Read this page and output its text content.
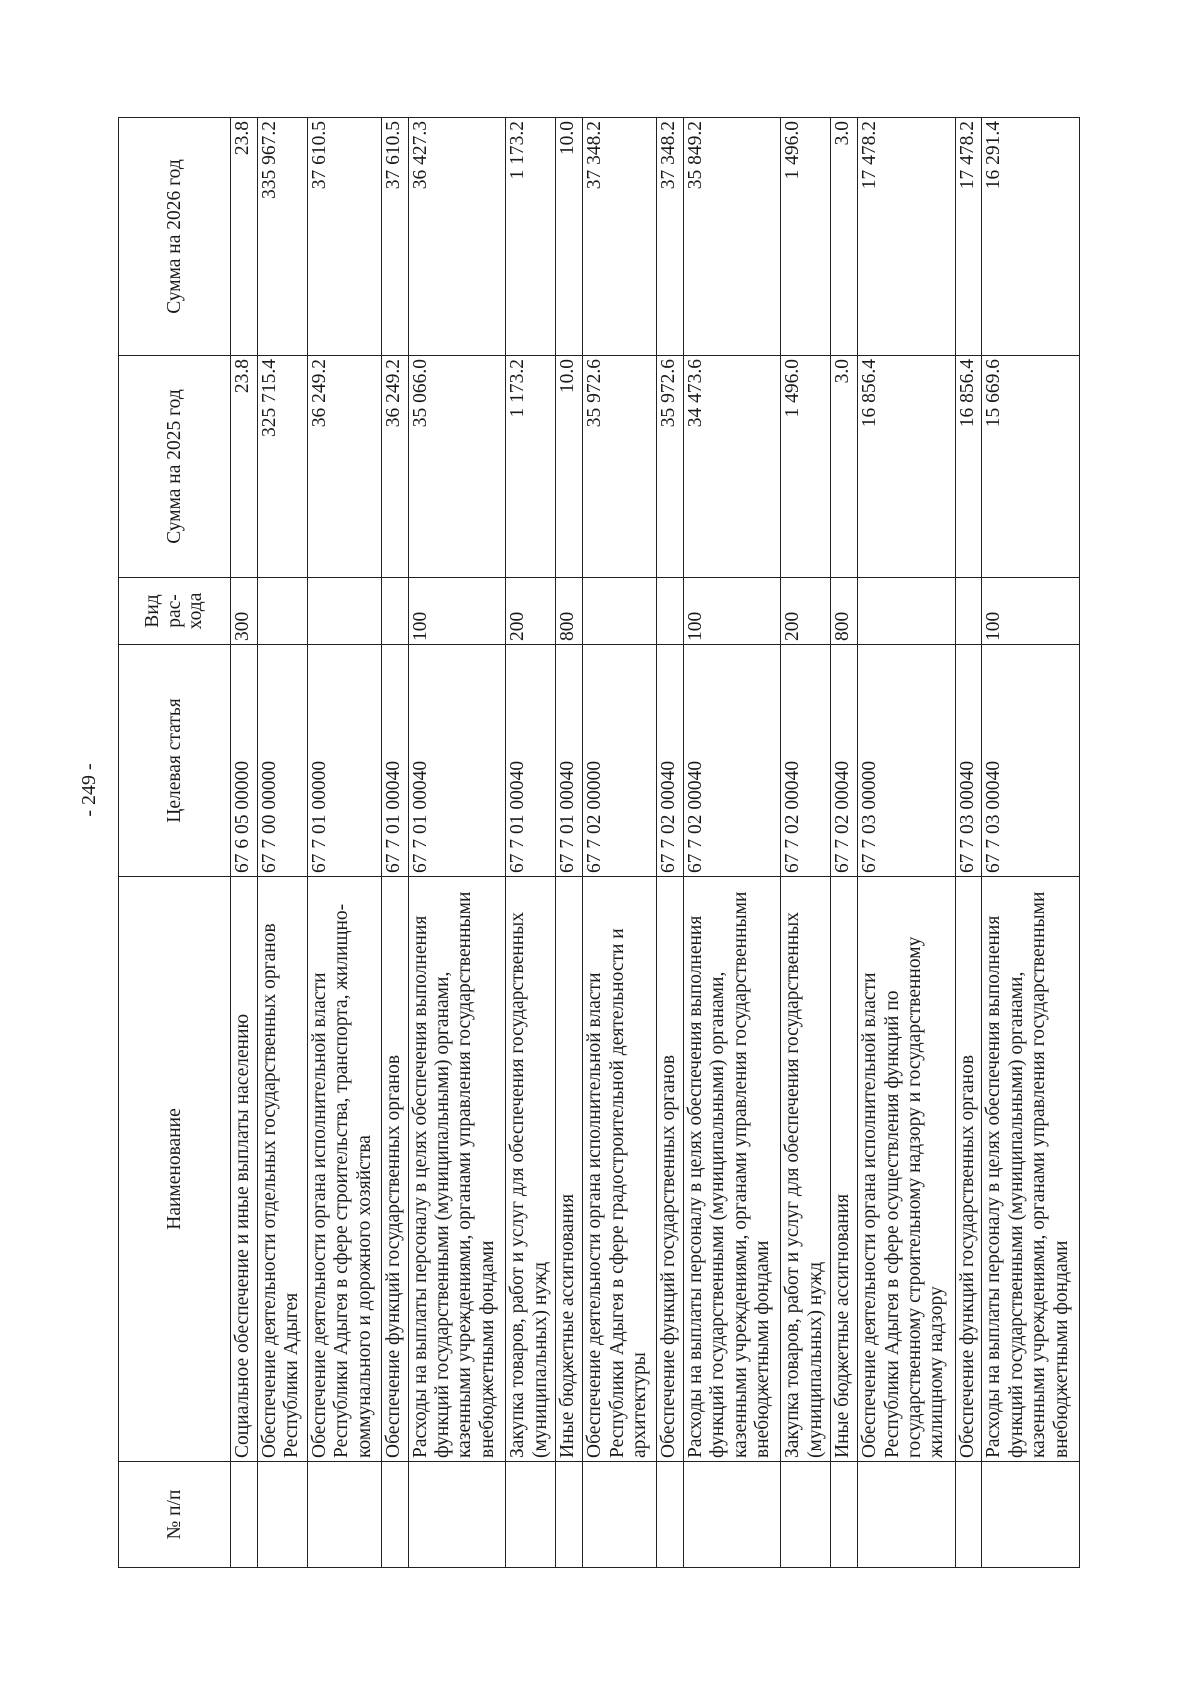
- 249 -
№ п/п	Наименование	Целевая статья	Вид рас- хода	Сумма на 2025 год	Сумма на 2026 год
	Социальное обеспечение и иные выплаты населению	67 6 05 00000	300	23.8	23.8
	Обеспечение деятельности отдельных государственных органов Республики Адыгея	67 7 00 00000		325 715.4	335 967.2
	Обеспечение деятельности органа исполнительной власти Республики Адыгея в сфере строительства, транспорта, жилищно-коммунального и дорожного хозяйства	67 7 01 00000		36 249.2	37 610.5
	Обеспечение функций государственных органов	67 7 01 00040		36 249.2	37 610.5
	Расходы на выплаты персоналу в целях обеспечения выполнения функций государственными (муниципальными) органами, казенными учреждениями, органами управления государственными внебюджетными фондами	67 7 01 00040	100	35 066.0	36 427.3
	Закупка товаров, работ и услуг для обеспечения государственных (муниципальных) нужд	67 7 01 00040	200	1 173.2	1 173.2
	Иные бюджетные ассигнования	67 7 01 00040	800	10.0	10.0
	Обеспечение деятельности органа исполнительной власти Республики Адыгея в сфере градостроительной деятельности и архитектуры	67 7 02 00000		35 972.6	37 348.2
	Обеспечение функций государственных органов	67 7 02 00040		35 972.6	37 348.2
	Расходы на выплаты персоналу в целях обеспечения выполнения функций государственными (муниципальными) органами, казенными учреждениями, органами управления государственными внебюджетными фондами	67 7 02 00040	100	34 473.6	35 849.2
	Закупка товаров, работ и услуг для обеспечения государственных (муниципальных) нужд	67 7 02 00040	200	1 496.0	1 496.0
	Иные бюджетные ассигнования	67 7 02 00040	800	3.0	3.0
	Обеспечение деятельности органа исполнительной власти Республики Адыгея в сфере осуществления функций по государственному строительному надзору и государственному жилищному надзору	67 7 03 00000		16 856.4	17 478.2
	Обеспечение функций государственных органов	67 7 03 00040		16 856.4	17 478.2
	Расходы на выплаты персоналу в целях обеспечения выполнения функций государственными (муниципальными) органами, казенными учреждениями, органами управления государственными внебюджетными фондами	67 7 03 00040	100	15 669.6	16 291.4
